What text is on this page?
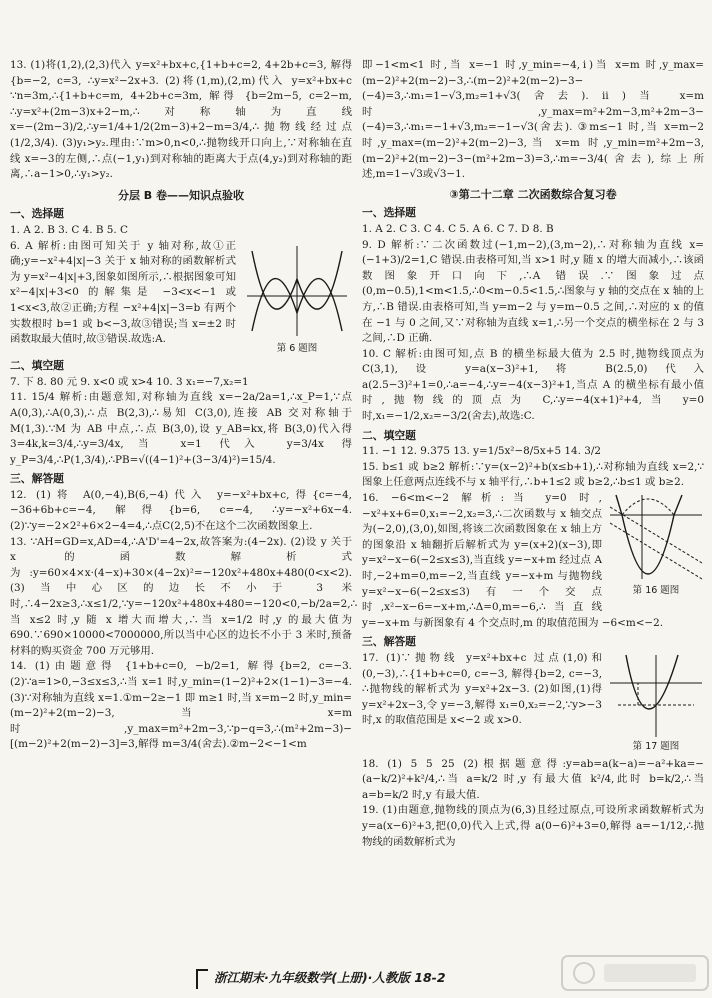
13. (1)将(1,2),(2,3)代入 y=x²+bx+c,{1+b+c=2, 4+2b+c=3, 解得 {b=−2, c=3, ∴y=x²−2x+3. (2)将(1,m),(2,m)代入 y=x²+bx+c ∵n=3m,∴{1+b+c=m, 4+2b+c=3m, 解得 {b=2m−5, c=2−m, ∴y=x²+(2m−3)x+2−m,∴对称轴为直线 x=−(2m−3)/2,∴y=1/4+1/2(2m−3)+2−m=3/4,∴抛物线经过点(1/2,3/4). (3)y₁>y₂.理由:∵m>0,n<0,∴抛物线开口向上,∵对称轴在直线 x=−3的左侧,∴点(−1,y₁)到对称轴的距离大于点(4,y₂)到对称轴的距离,∴a−1>0,∴y₁>y₂.

分层 B 卷——知识点验收
一、选择题

1. A 2. B 3. C 4. B 5. C

第 6 题图

6. A 解析:由图可知关于 y 轴对称,故①正确;y=−x²+4|x|−3 关于 x 轴对称的函数解析式为 y=x²−4|x|+3,图象如图所示,∴根据图象可知 x²−4|x|+3<0 的解集是 −3<x<−1 或 1<x<3,故②正确;方程 −x²+4|x|−3=b 有两个实数根时 b=1 或 b<−3,故③错误;当 x=±2 时函数取最大值时,故③错误.故选:A.

二、填空题

7. 下 8. 80 元 9. x<0 或 x>4 10. 3 x₁=−7,x₂=1

11. 15/4 解析:由题意知,对称轴为直线 x=−2a/2a=1,∴x_P=1,∵点 A(0,3),∴A(0,3),∴点 B(2,3),∴易知 C(3,0),连接 AB 交对称轴于 M(1,3).∵M 为 AB 中点,∴点 B(3,0),设 y_AB=kx,将 B(3,0)代入得 3=4k,k=3/4,∴y=3/4x,当 x=1 代入 y=3/4x 得 y_P=3/4,∴P(1,3/4),∴PB=√((4−1)²+(3−3/4)²)=15/4.

三、解答题

12. (1)将 A(0,−4),B(6,−4)代入 y=−x²+bx+c,得{c=−4, −36+6b+c=−4, 解得{b=6, c=−4, ∴y=−x²+6x−4. (2)∵y=−2×2²+6×2−4=4,∴点C(2,5)不在这个二次函数图象上.

13. ∵AH=GD=x,AD=4,∴A'D'=4−2x,故答案为:(4−2x). (2)设 y 关于 x 的函数解析式为:y=60×4×x·(4−x)+30×(4−2x)²=−120x²+480x+480(0<x<2). (3)当中心区的边长不小于 3 米时,∴4−2x≥3,∴x≤1/2,∵y=−120x²+480x+480=−120<0,−b/2a=2,∴当 x≤2 时,y 随 x 增大而增大,∴当 x=1/2 时,y 的最大值为 690.∵690×10000<7000000,所以当中心区的边长不小于 3 米时,预备材料的购买资金 700 万元够用.

14. (1)由题意得 {1+b+c=0, −b/2=1, 解得{b=2, c=−3. (2)∵a=1>0,−3≤x≤3,∴当 x=1 时,y_min=(1−2)²+2×(1−1)−3=−4. (3)∵对称轴为直线 x=1.①m−2≥−1 即 m≥1 时,当 x=m−2 时,y_min=(m−2)²+2(m−2)−3,当 x=m 时,y_max=m²+2m−3,∵p−q=3,∴(m²+2m−3)−[(m−2)²+2(m−2)−3]=3,解得 m=3/4(舍去).②m−2<−1<m

即−1<m<1 时,当 x=−1 时,y_min=−4,ⅰ)当 x=m 时,y_max=(m−2)²+2(m−2)−3,∴(m−2)²+2(m−2)−3−(−4)=3,∴m₁=1−√3,m₂=1+√3(舍去).ⅱ)当 x=m 时,y_max=m²+2m−3,m²+2m−3−(−4)=3,∴m₁=−1+√3,m₂=−1−√3(舍去). ③m≤−1 时,当 x=m−2 时,y_max=(m−2)²+2(m−2)−3,当 x=m 时,y_min=m²+2m−3,(m−2)²+2(m−2)−3−(m²+2m−3)=3,∴m=−3/4(舍去),综上所述,m=1−√3或√3−1.

③第二十二章 二次函数综合复习卷
一、选择题

1. A 2. C 3. C 4. C 5. A 6. C 7. D 8. B

9. D 解析:∵二次函数过(−1,m−2),(3,m−2),∴对称轴为直线 x=(−1+3)/2=1,C 错误.由表格可知,当 x>1 时,y 随 x 的增大而减小,∴该函数图象开口向下,∴A 错误.∵图象过点(0,m−0.5),1<m<1.5,∴0<m−0.5<1.5,∴图象与 y 轴的交点在 x 轴的上方,∴B 错误.由表格可知,当 y=m−2 与 y=m−0.5 之间,∴对应的 x 的值在 −1 与 0 之间,又∵对称轴为直线 x=1,∴另一个交点的横坐标在 2 与 3 之间,∴D 正确.

10. C 解析:由图可知,点 B 的横坐标最大值为 2.5 时,抛物线顶点为 C(3,1),设 y=a(x−3)²+1,将 B(2.5,0)代入 a(2.5−3)²+1=0,∴a=−4,∴y=−4(x−3)²+1,当点 A 的横坐标有最小值时,抛物线的顶点为 C,∴y=−4(x+1)²+4,当 y=0 时,x₁=−1/2,x₂=−3/2(舍去),故选:C.

二、填空题

11. −1 12. 9.375 13. y=1/5x²−8/5x+5 14. 3/2

15. b≤1 或 b≥2 解析:∵y=(x−2)²+b(x≤b+1),∴对称轴为直线 x=2,∵图象上任意两点连线不与 x 轴平行,∴b+1≤2 或 b≥2,∴b≤1 或 b≥2.

第 16 题图

16. −6<m<−2 解析:当 y=0 时,−x²+x+6=0,x₁=−2,x₂=3,∴二次函数与 x 轴交点为(−2,0),(3,0),如图,将该二次函数图象在 x 轴上方的图象沿 x 轴翻折后解析式为 y=(x+2)(x−3),即 y=x²−x−6(−2≤x≤3),当直线 y=−x+m 经过点 A 时,−2+m=0,m=−2,当直线 y=−x+m 与抛物线 y=x²−x−6(−2≤x≤3)有一个交点时,x²−x−6=−x+m,∴Δ=0,m=−6,∴当直线 y=−x+m 与新图象有 4 个交点时,m 的取值范围为 −6<m<−2.

三、解答题
第 17 题图

17. (1)∵抛物线 y=x²+bx+c 过点(1,0)和(0,−3),∴{1+b+c=0, c=−3, 解得{b=2, c=−3, ∴抛物线的解析式为 y=x²+2x−3. (2)如图,(1)得 y=x²+2x−3,令 y=−3,解得 x₁=0,x₂=−2,∵y>−3 时,x 的取值范围是 x<−2 或 x>0.

18. (1) 5 5 25 (2)根据题意得:y=ab=a(k−a)=−a²+ka=−(a−k/2)²+k²/4,∴当 a=k/2 时,y 有最大值 k²/4,此时 b=k/2,∴当 a=b=k/2 时,y 有最大值.

19. (1)由题意,抛物线的顶点为(6,3)且经过原点,可设所求函数解析式为 y=a(x−6)²+3,把(0,0)代入上式,得 a(0−6)²+3=0,解得 a=−1/12,∴抛物线的函数解析式为

浙江期末·九年级数学(上册)·人教版 18-2
